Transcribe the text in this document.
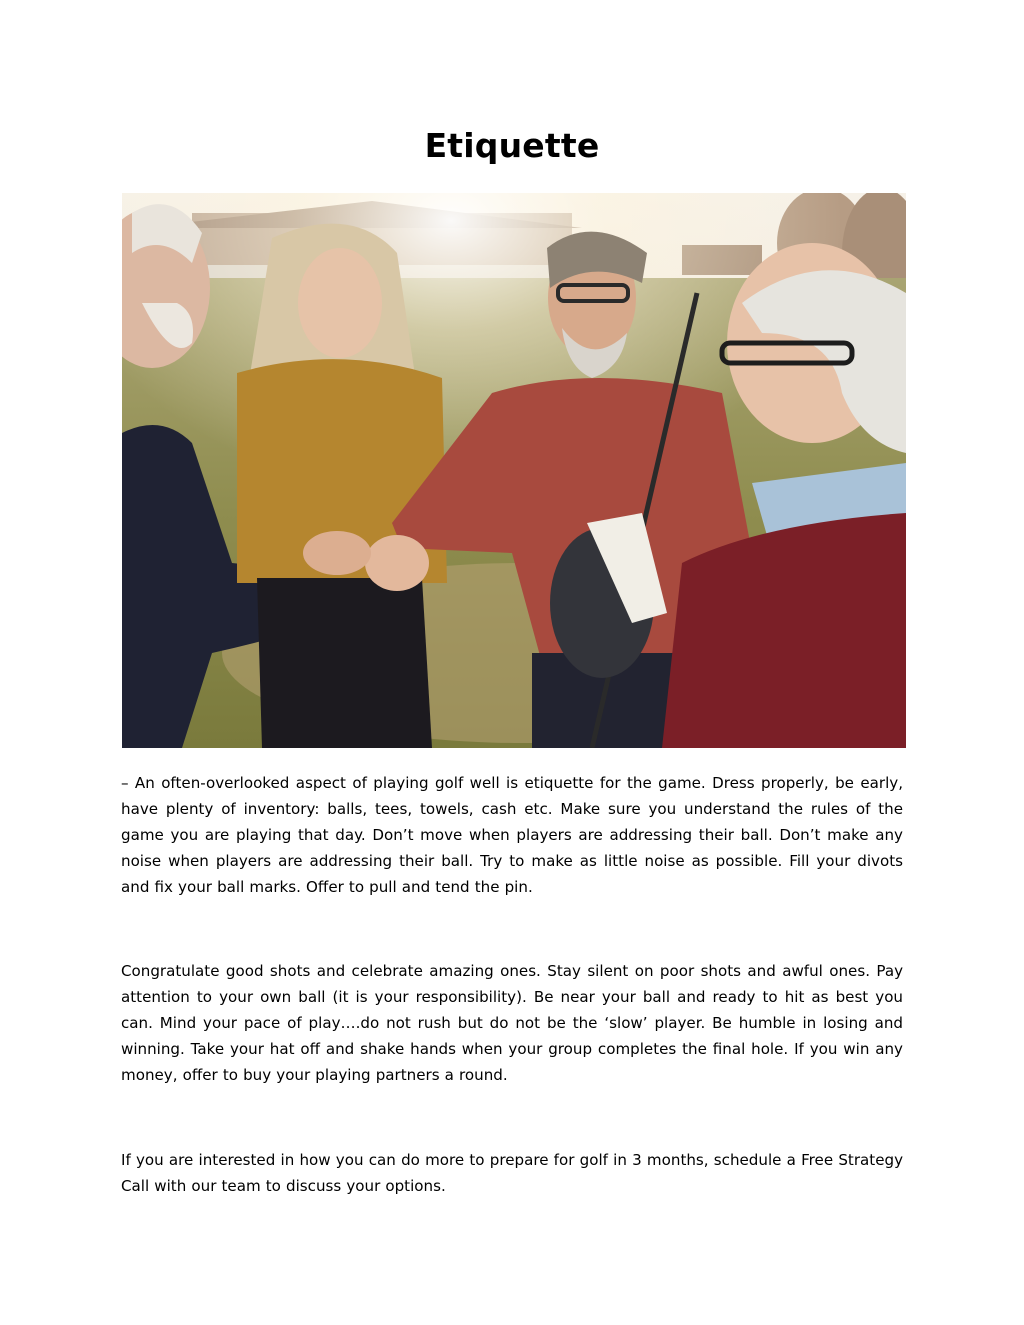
Etiquette

– An often-overlooked aspect of playing golf well is etiquette for the game. Dress properly, be early, have plenty of inventory: balls, tees, towels, cash etc. Make sure you understand the rules of the game you are playing that day. Don’t move when players are addressing their ball. Don’t make any noise when players are addressing their ball. Try to make as little noise as possible. Fill your divots and fix your ball marks. Offer to pull and tend the pin.

Congratulate good shots and celebrate amazing ones. Stay silent on poor shots and awful ones. Pay attention to your own ball (it is your responsibility). Be near your ball and ready to hit as best you can. Mind your pace of play….do not rush but do not be the ‘slow’ player. Be humble in losing and winning. Take your hat off and shake hands when your group completes the final hole. If you win any money, offer to buy your playing partners a round.

If you are interested in how you can do more to prepare for golf in 3 months, schedule a Free Strategy Call with our team to discuss your options.
